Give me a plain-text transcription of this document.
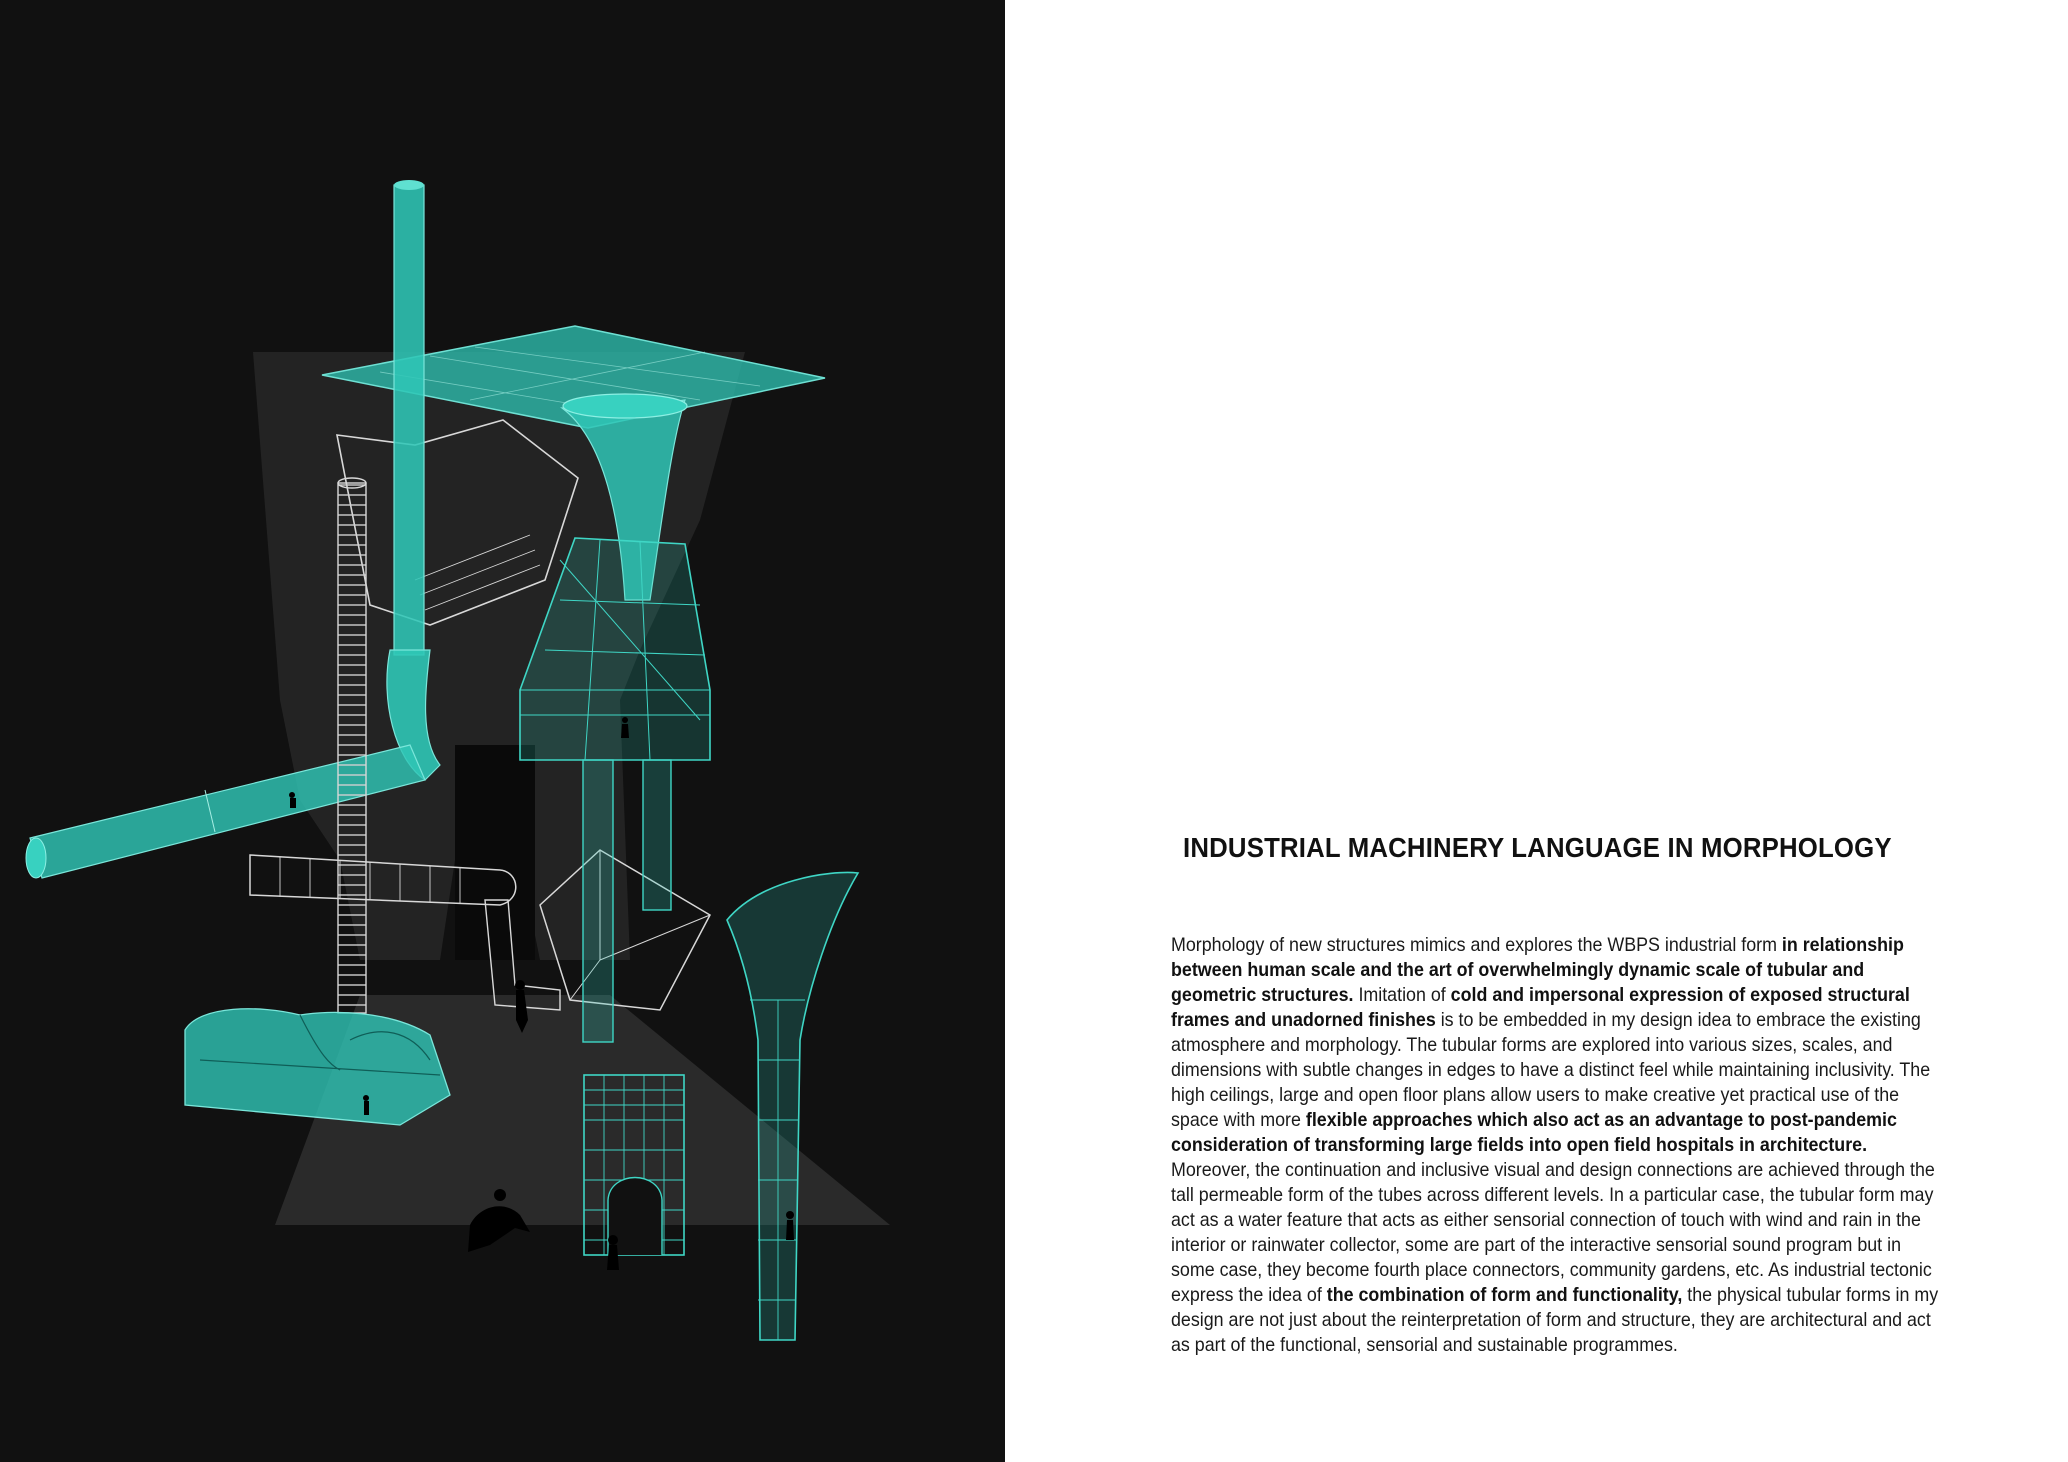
INDUSTRIAL MACHINERY LANGUAGE IN MORPHOLOGY

Morphology of new structures mimics and explores the WBPS industrial form in relationship between human scale and the art of overwhelmingly dynamic scale of tubular and geometric structures. Imitation of cold and impersonal expression of exposed structural frames and unadorned finishes is to be embedded in my design idea to embrace the existing atmosphere and morphology. The tubular forms are explored into various sizes, scales, and dimensions with subtle changes in edges to have a distinct feel while maintaining inclusivity. The high ceilings, large and open floor plans allow users to make creative yet practical use of the space with more flexible approaches which also act as an advantage to post-pandemic consideration of transforming large fields into open field hospitals in architecture. Moreover, the continuation and inclusive visual and design connections are achieved through the tall permeable form of the tubes across different levels. In a particular case, the tubular form may act as a water feature that acts as either sensorial connection of touch with wind and rain in the interior or rainwater collector, some are part of the interactive sensorial sound program but in some case, they become fourth place connectors, community gardens, etc. As industrial tectonic express the idea of the combination of form and functionality, the physical tubular forms in my design are not just about the reinterpretation of form and structure, they are architectural and act as part of the functional, sensorial and sustainable programmes.
